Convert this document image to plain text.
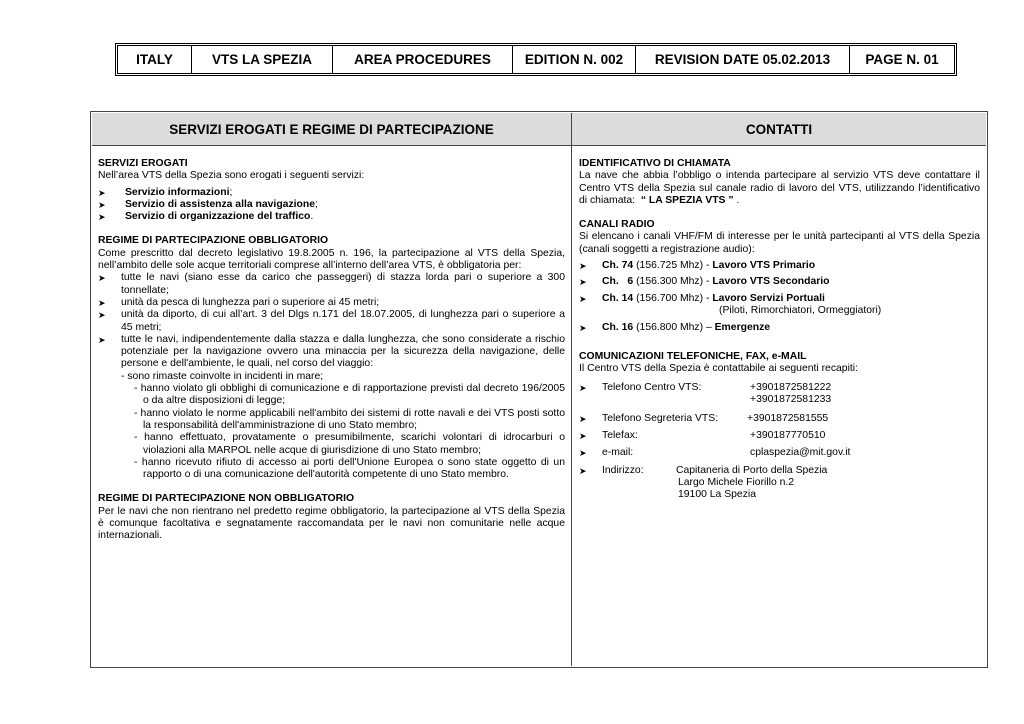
ITALY	VTS LA SPEZIA	AREA PROCEDURES	EDITION N. 002	REVISION DATE 05.02.2013	PAGE N. 01
SERVIZI EROGATI E REGIME DI PARTECIPAZIONE
SERVIZI EROGATI
Nell’area VTS della Spezia sono erogati i seguenti servizi:
➤ Servizio informazioni;
➤ Servizio di assistenza alla navigazione;
➤ Servizio di organizzazione del traffico.
REGIME DI PARTECIPAZIONE OBBLIGATORIO
Come prescritto dal decreto legislativo 19.8.2005 n. 196, la partecipazione al VTS della Spezia, nell’ambito delle sole acque territoriali comprese all’interno dell’area VTS, è obbligatoria per:
➤ tutte le navi (siano esse da carico che passeggeri) di stazza lorda pari o superiore a 300 tonnellate;
➤ unità da pesca di lunghezza pari o superiore ai 45 metri;
➤ unità da diporto, di cui all’art. 3 del Dlgs n.171 del 18.07.2005, di lunghezza pari o superiore a 45 metri;
➤ tutte le navi, indipendentemente dalla stazza e dalla lunghezza, che sono considerate a rischio potenziale per la navigazione ovvero una minaccia per la sicurezza della navigazione, delle persone e dell'ambiente, le quali, nel corso del viaggio:
- sono rimaste coinvolte in incidenti in mare;
- hanno violato gli obblighi di comunicazione e di rapportazione previsti dal decreto 196/2005 o da altre disposizioni di legge;
- hanno violato le norme applicabili nell'ambito dei sistemi di rotte navali e dei VTS posti sotto la responsabilità dell'amministrazione di uno Stato membro;
- hanno effettuato, provatamente o presumibilmente, scarichi volontari di idrocarburi o violazioni alla MARPOL nelle acque di giurisdizione di uno Stato membro;
- hanno ricevuto rifiuto di accesso ai porti dell'Unione Europea o sono state oggetto di un rapporto o di una comunicazione dell'autorità competente di uno Stato membro.
REGIME DI PARTECIPAZIONE NON OBBLIGATORIO
Per le navi che non rientrano nel predetto regime obbligatorio, la partecipazione al VTS della Spezia è comunque facoltativa e segnatamente raccomandata per le navi non comunitarie nelle acque internazionali.
CONTATTI
IDENTIFICATIVO DI CHIAMATA
La nave che abbia l’obbligo o intenda partecipare al servizio VTS deve contattare il Centro VTS della Spezia sul canale radio di lavoro del VTS, utilizzando l’identificativo di chiamata: “ LA SPEZIA VTS ” .
CANALI RADIO
Si elencano i canali VHF/FM di interesse per le unità partecipanti al VTS della Spezia (canali soggetti a registrazione audio):
➤ Ch. 74 (156.725 Mhz) - Lavoro VTS Primario
➤ Ch.   6 (156.300 Mhz) - Lavoro VTS Secondario
➤ Ch. 14 (156.700 Mhz) - Lavoro Servizi Portuali
(Piloti, Rimorchiatori, Ormeggiatori)
➤ Ch. 16 (156.800 Mhz) – Emergenze
COMUNICAZIONI TELEFONICHE, FAX, e-MAIL
Il Centro VTS della Spezia è contattabile ai seguenti recapiti:
➤ Telefono Centro VTS:	+3901872581222
+3901872581233
➤ Telefono Segreteria VTS:	+3901872581555
➤ Telefax:	+390187770510
➤ e-mail:	cplaspezia@mit.gov.it
➤ Indirizzo:	Capitaneria di Porto della Spezia
Largo Michele Fiorillo n.2
19100 La Spezia
